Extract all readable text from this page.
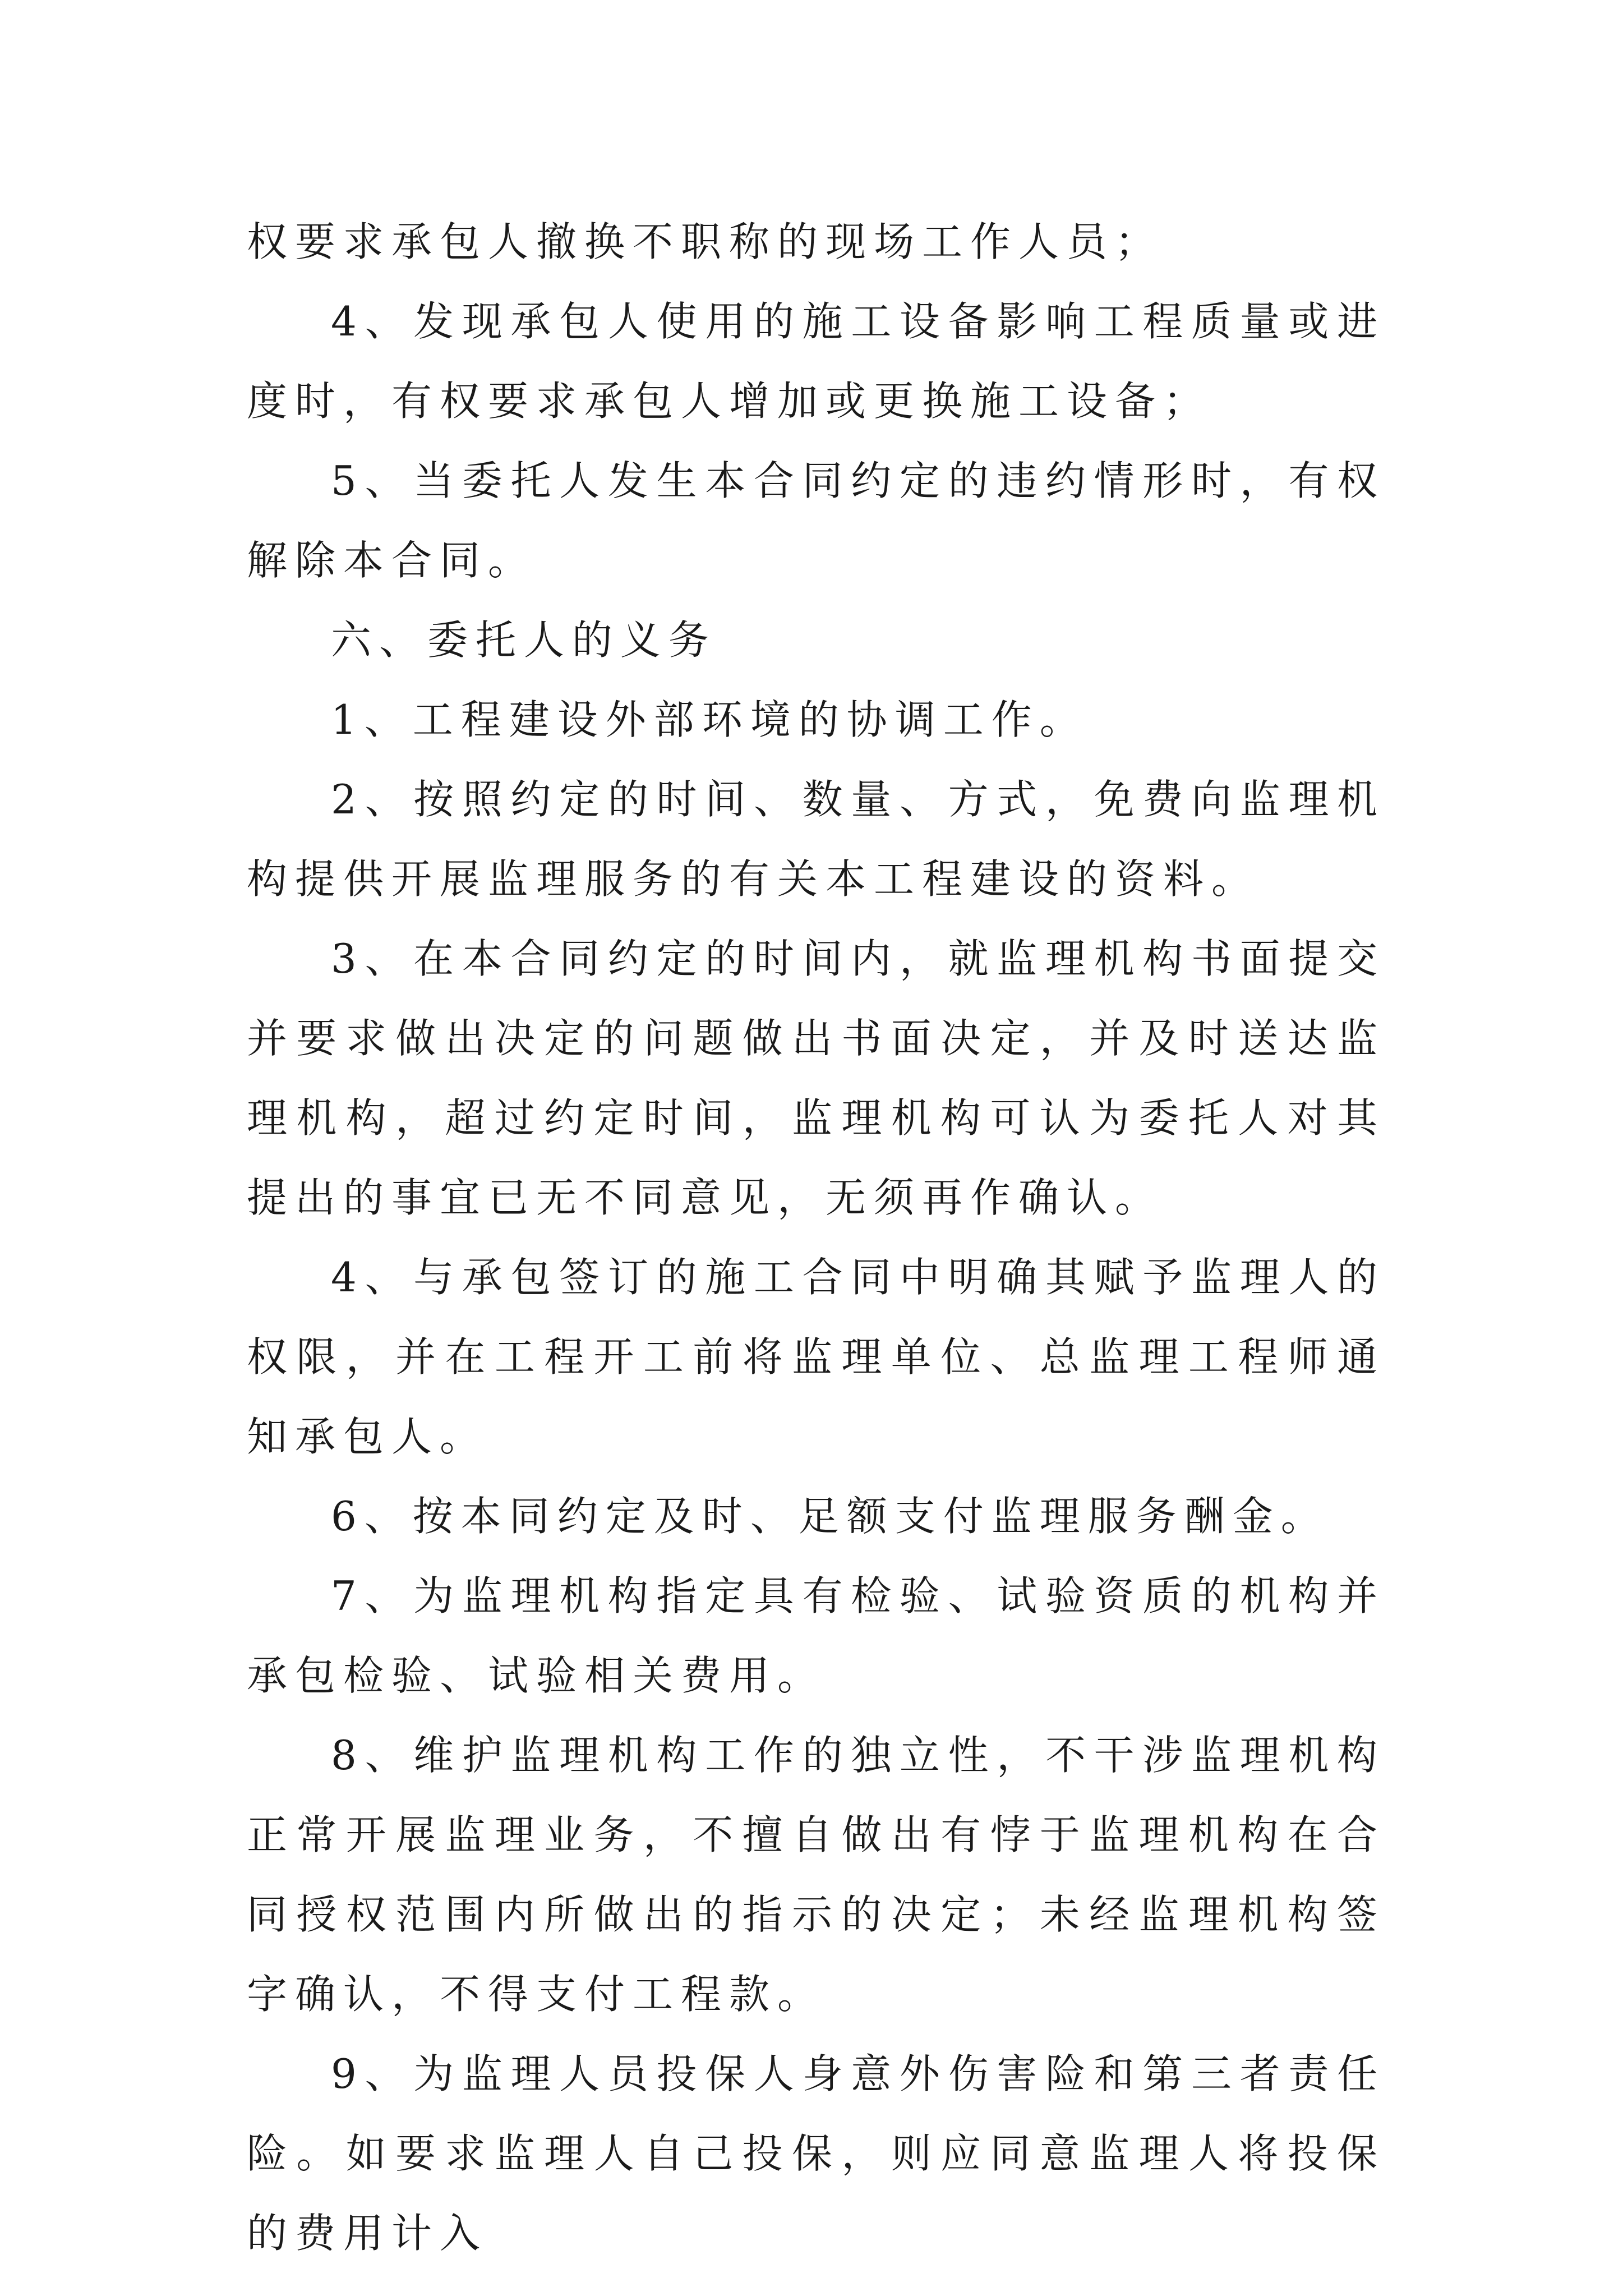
权要求承包人撤换不职称的现场工作人员；

4、发现承包人使用的施工设备影响工程质量或进度时，有权要求承包人增加或更换施工设备；

5、当委托人发生本合同约定的违约情形时，有权解除本合同。

六、委托人的义务

1、工程建设外部环境的协调工作。

2、按照约定的时间、数量、方式，免费向监理机构提供开展监理服务的有关本工程建设的资料。

3、在本合同约定的时间内，就监理机构书面提交并要求做出决定的问题做出书面决定，并及时送达监理机构，超过约定时间，监理机构可认为委托人对其提出的事宜已无不同意见，无须再作确认。

4、与承包签订的施工合同中明确其赋予监理人的权限，并在工程开工前将监理单位、总监理工程师通知承包人。

6、按本同约定及时、足额支付监理服务酬金。

7、为监理机构指定具有检验、试验资质的机构并承包检验、试验相关费用。

8、维护监理机构工作的独立性，不干涉监理机构正常开展监理业务，不擅自做出有悖于监理机构在合同授权范围内所做出的指示的决定；未经监理机构签字确认，不得支付工程款。

9、为监理人员投保人身意外伤害险和第三者责任险。如要求监理人自己投保，则应同意监理人将投保的费用计入
